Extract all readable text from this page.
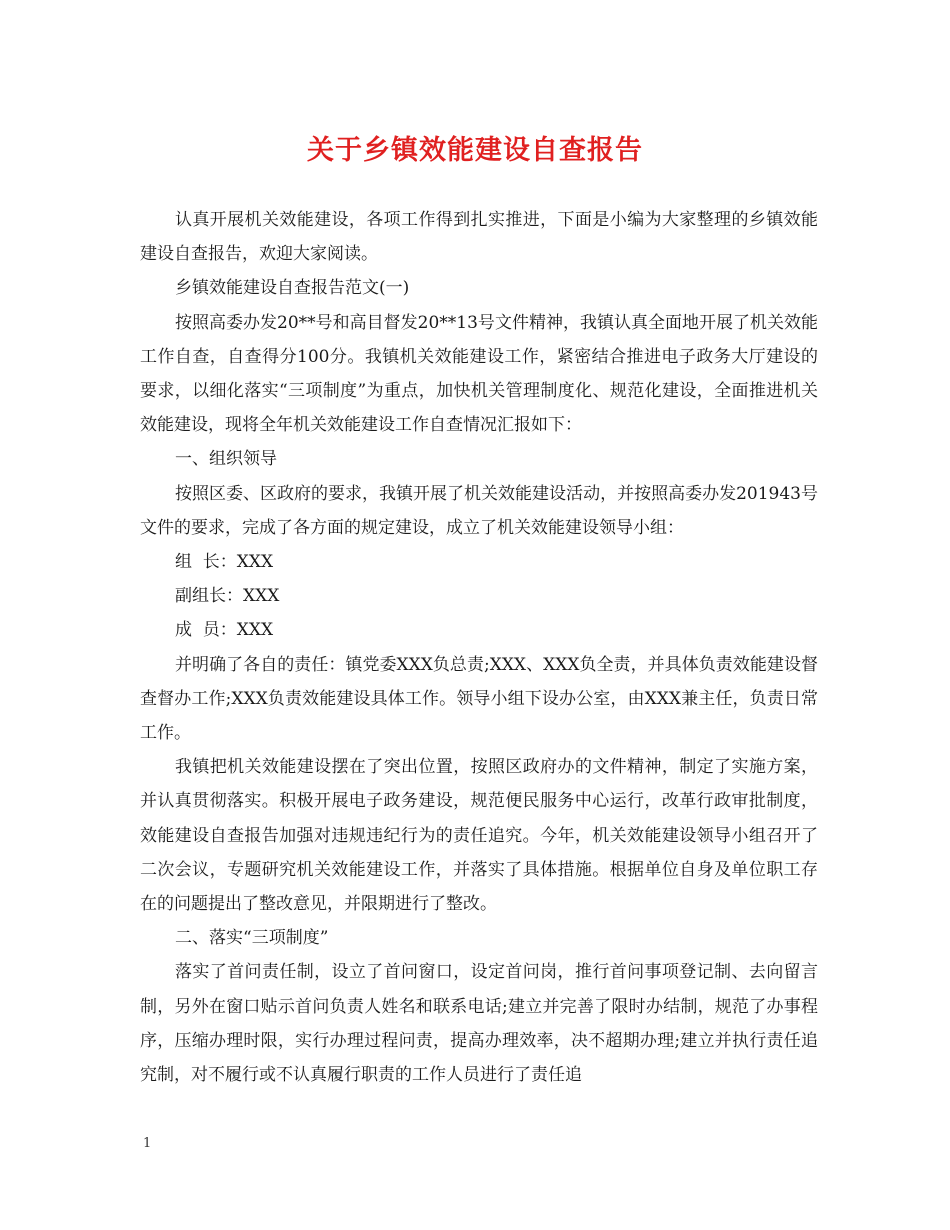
关于乡镇效能建设自查报告

认真开展机关效能建设，各项工作得到扎实推进，下面是小编为大家整理的乡镇效能建设自查报告，欢迎大家阅读。

乡镇效能建设自查报告范文(一)

按照高委办发20**号和高目督发20**13号文件精神，我镇认真全面地开展了机关效能工作自查，自查得分100分。我镇机关效能建设工作，紧密结合推进电子政务大厅建设的要求，以细化落实“三项制度”为重点，加快机关管理制度化、规范化建设，全面推进机关效能建设，现将全年机关效能建设工作自查情况汇报如下：

一、组织领导

按照区委、区政府的要求，我镇开展了机关效能建设活动，并按照高委办发201943号文件的要求，完成了各方面的规定建设，成立了机关效能建设领导小组：

组  长：XXX

副组长：XXX

成  员：XXX

并明确了各自的责任：镇党委XXX负总责;XXX、XXX负全责，并具体负责效能建设督查督办工作;XXX负责效能建设具体工作。领导小组下设办公室，由XXX兼主任，负责日常工作。

我镇把机关效能建设摆在了突出位置，按照区政府办的文件精神，制定了实施方案，并认真贯彻落实。积极开展电子政务建设，规范便民服务中心运行，改革行政审批制度，效能建设自查报告加强对违规违纪行为的责任追究。今年，机关效能建设领导小组召开了二次会议，专题研究机关效能建设工作，并落实了具体措施。根据单位自身及单位职工存在的问题提出了整改意见，并限期进行了整改。

二、落实“三项制度”

落实了首问责任制，设立了首问窗口，设定首问岗，推行首问事项登记制、去向留言制，另外在窗口贴示首问负责人姓名和联系电话;建立并完善了限时办结制，规范了办事程序，压缩办理时限，实行办理过程问责，提高办理效率，决不超期办理;建立并执行责任追究制，对不履行或不认真履行职责的工作人员进行了责任追

1
